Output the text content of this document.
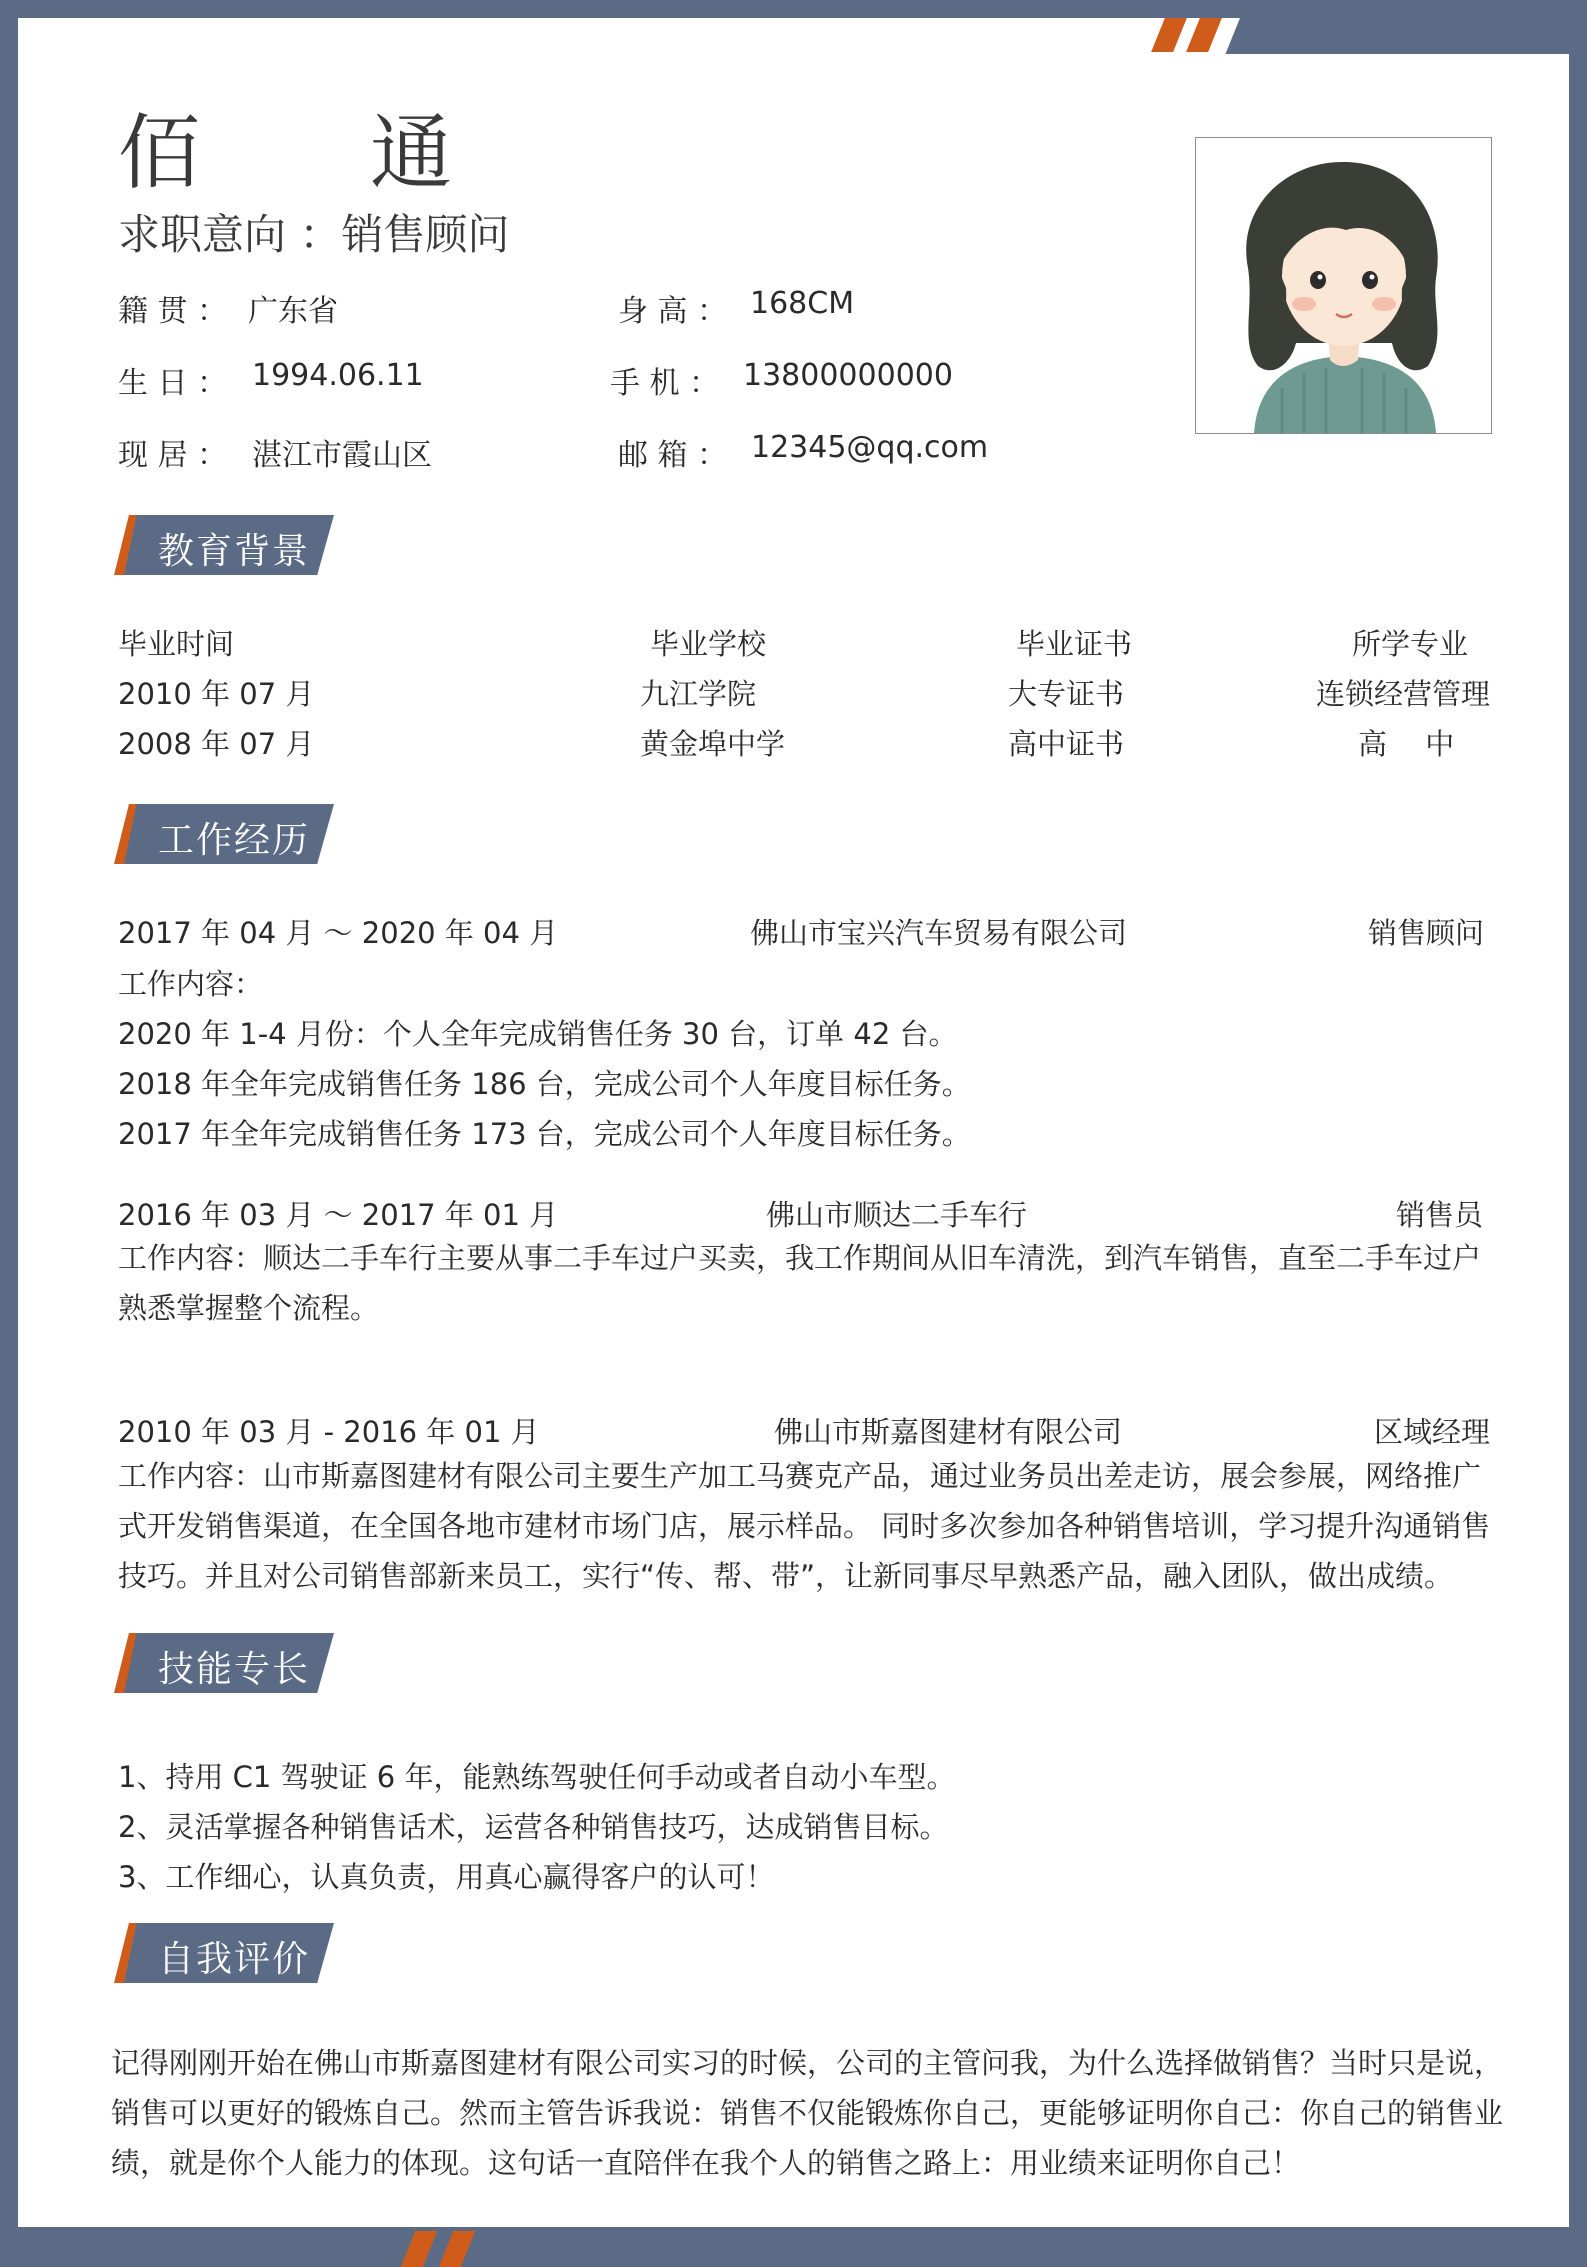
佰　　通
求职意向 ：销售顾问
籍 贯 ： 广东省	身 高 ： 168CM
生 日 ： 1994.06.11	手 机 ： 13800000000
现 居 ： 湛江市霞山区	邮 箱 ： 12345@qq.com
教育背景
毕业时间	毕业学校	毕业证书	所学专业
2010 年 07 月	九江学院	大专证书	连锁经营管理
2008 年 07 月	黄金埠中学	高中证书	高　 中
工作经历
2017 年 04 月 ～ 2020 年 04 月	佛山市宝兴汽车贸易有限公司	销售顾问
工作内容：
2020 年 1-4 月份：个人全年完成销售任务 30 台，订单 42 台。
2018 年全年完成销售任务 186 台，完成公司个人年度目标任务。
2017 年全年完成销售任务 173 台，完成公司个人年度目标任务。
2016 年 03 月 ～ 2017 年 01 月	佛山市顺达二手车行	销售员
工作内容：顺达二手车行主要从事二手车过户买卖，我工作期间从旧车清洗，到汽车销售，直至二手车过户熟悉掌握整个流程。
2010 年 03 月 - 2016 年 01 月	佛山市斯嘉图建材有限公司	区域经理
工作内容：山市斯嘉图建材有限公司主要生产加工马赛克产品，通过业务员出差走访，展会参展，网络推广式开发销售渠道，在全国各地市建材市场门店，展示样品。 同时多次参加各种销售培训，学习提升沟通销售技巧。并且对公司销售部新来员工，实行“传、帮、带”，让新同事尽早熟悉产品，融入团队，做出成绩。
技能专长
1、持用 C1 驾驶证 6 年，能熟练驾驶任何手动或者自动小车型。
2、灵活掌握各种销售话术，运营各种销售技巧，达成销售目标。
3、工作细心，认真负责，用真心赢得客户的认可！
自我评价
记得刚刚开始在佛山市斯嘉图建材有限公司实习的时候，公司的主管问我，为什么选择做销售？当时只是说，销售可以更好的锻炼自己。然而主管告诉我说：销售不仅能锻炼你自己，更能够证明你自己：你自己的销售业绩，就是你个人能力的体现。这句话一直陪伴在我个人的销售之路上：用业绩来证明你自己！
